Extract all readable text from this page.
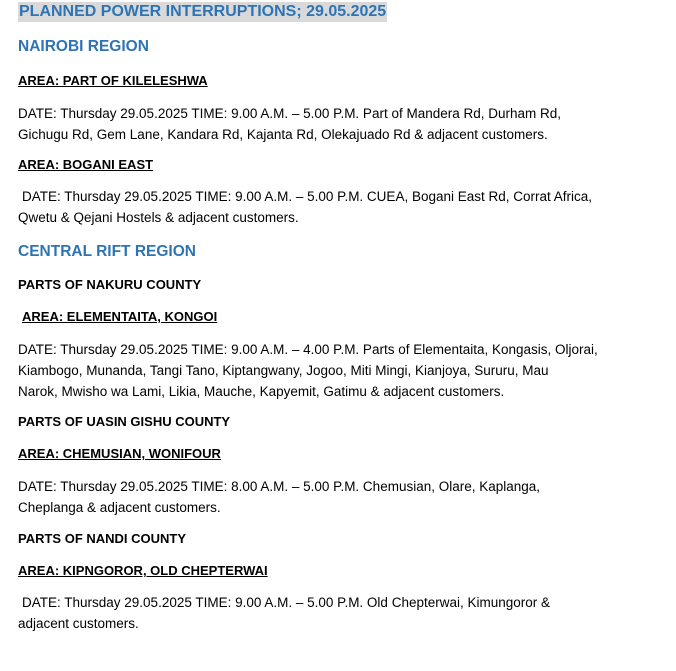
PLANNED POWER INTERRUPTIONS; 29.05.2025
NAIROBI REGION
AREA: PART OF KILELESHWA
DATE: Thursday 29.05.2025 TIME: 9.00 A.M. – 5.00 P.M. Part of Mandera Rd, Durham Rd,
Gichugu Rd, Gem Lane, Kandara Rd, Kajanta Rd, Olekajuado Rd & adjacent customers.
AREA: BOGANI EAST
DATE: Thursday 29.05.2025 TIME: 9.00 A.M. – 5.00 P.M. CUEA, Bogani East Rd, Corrat Africa,
Qwetu & Qejani Hostels & adjacent customers.
CENTRAL RIFT REGION
PARTS OF NAKURU COUNTY
AREA: ELEMENTAITA, KONGOI
DATE: Thursday 29.05.2025 TIME: 9.00 A.M. – 4.00 P.M. Parts of Elementaita, Kongasis, Oljorai,
Kiambogo, Munanda, Tangi Tano, Kiptangwany, Jogoo, Miti Mingi, Kianjoya, Sururu, Mau
Narok, Mwisho wa Lami, Likia, Mauche, Kapyemit, Gatimu & adjacent customers.
PARTS OF UASIN GISHU COUNTY
AREA: CHEMUSIAN, WONIFOUR
DATE: Thursday 29.05.2025 TIME: 8.00 A.M. – 5.00 P.M. Chemusian, Olare, Kaplanga,
Cheplanga & adjacent customers.
PARTS OF NANDI COUNTY
AREA: KIPNGOROR, OLD CHEPTERWAI
DATE: Thursday 29.05.2025 TIME: 9.00 A.M. – 5.00 P.M. Old Chepterwai, Kimungoror &
adjacent customers.
